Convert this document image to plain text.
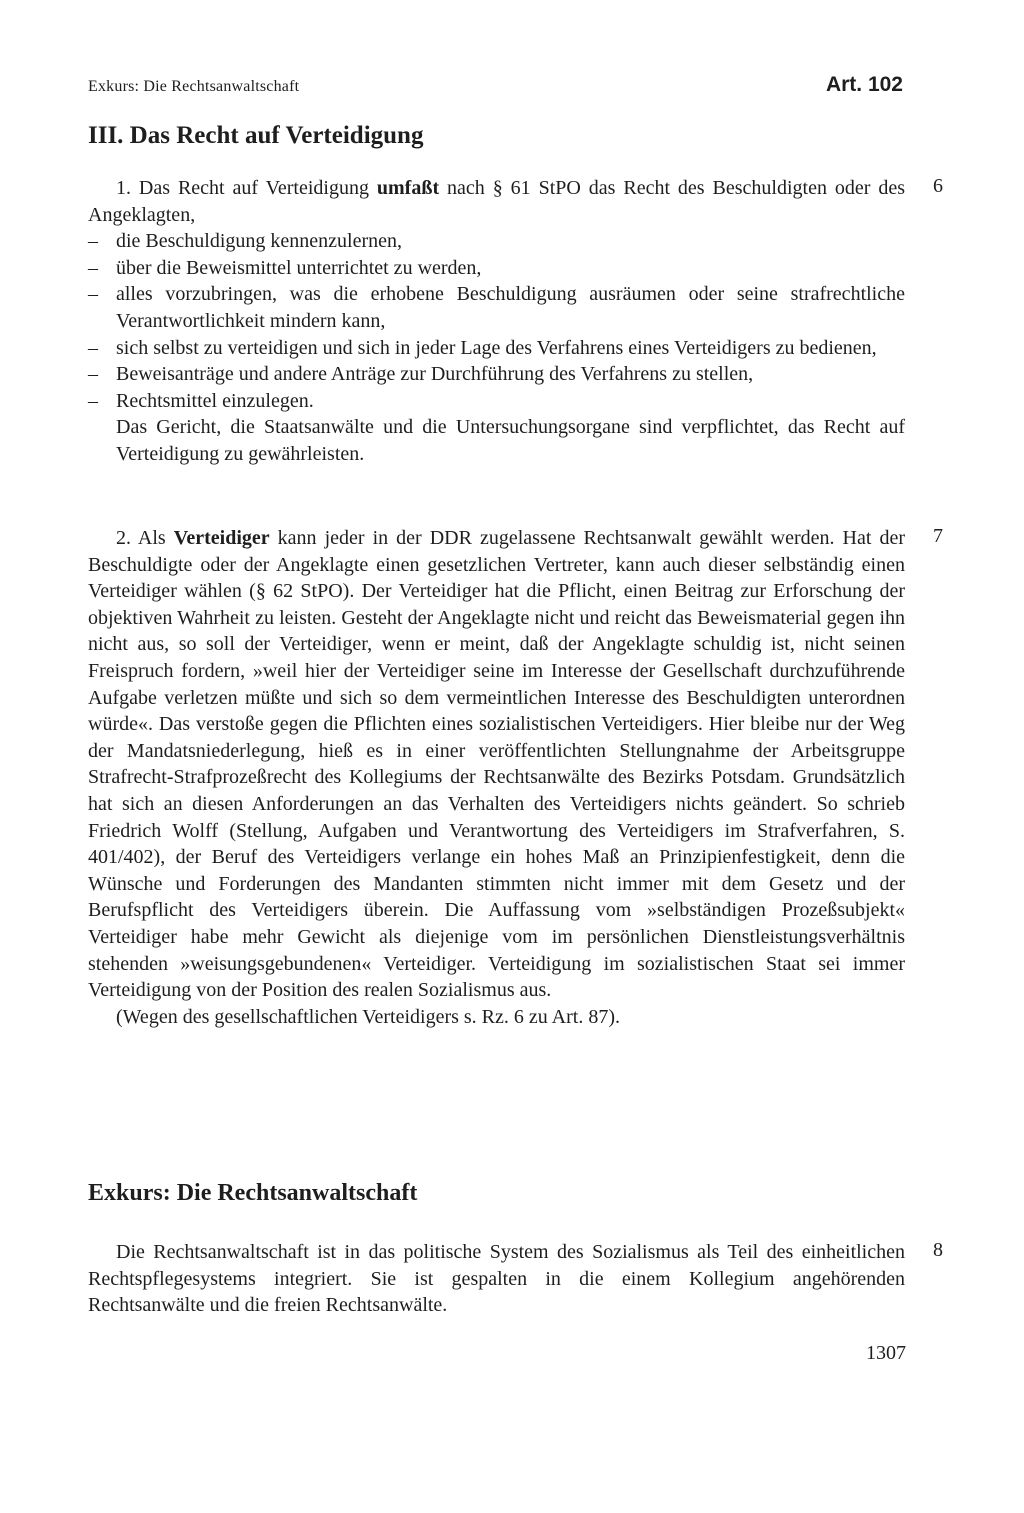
Exkurs: Die Rechtsanwaltschaft	Art. 102
III. Das Recht auf Verteidigung
6

1. Das Recht auf Verteidigung umfaßt nach § 61 StPO das Recht des Beschuldigten oder des Angeklagten,

– die Beschuldigung kennenzulernen,
– über die Beweismittel unterrichtet zu werden,
– alles vorzubringen, was die erhobene Beschuldigung ausräumen oder seine strafrechtliche Verantwortlichkeit mindern kann,
– sich selbst zu verteidigen und sich in jeder Lage des Verfahrens eines Verteidigers zu bedienen,
– Beweisanträge und andere Anträge zur Durchführung des Verfahrens zu stellen,
– Rechtsmittel einzulegen.

Das Gericht, die Staatsanwälte und die Untersuchungsorgane sind verpflichtet, das Recht auf Verteidigung zu gewährleisten.

7

2. Als Verteidiger kann jeder in der DDR zugelassene Rechtsanwalt gewählt werden. Hat der Beschuldigte oder der Angeklagte einen gesetzlichen Vertreter, kann auch dieser selbständig einen Verteidiger wählen (§ 62 StPO). Der Verteidiger hat die Pflicht, einen Beitrag zur Erforschung der objektiven Wahrheit zu leisten. Gesteht der Angeklagte nicht und reicht das Beweismaterial gegen ihn nicht aus, so soll der Verteidiger, wenn er meint, daß der Angeklagte schuldig ist, nicht seinen Freispruch fordern, »weil hier der Verteidiger seine im Interesse der Gesellschaft durchzuführende Aufgabe verletzen müßte und sich so dem vermeintlichen Interesse des Beschuldigten unterordnen würde«. Das verstoße gegen die Pflichten eines sozialistischen Verteidigers. Hier bleibe nur der Weg der Mandatsniederlegung, hieß es in einer veröffentlichten Stellungnahme der Arbeitsgruppe Strafrecht-Strafprozeßrecht des Kollegiums der Rechtsanwälte des Bezirks Potsdam. Grundsätzlich hat sich an diesen Anforderungen an das Verhalten des Verteidigers nichts geändert. So schrieb Friedrich Wolff (Stellung, Aufgaben und Verantwortung des Verteidigers im Strafverfahren, S. 401/402), der Beruf des Verteidigers verlange ein hohes Maß an Prinzipienfestigkeit, denn die Wünsche und Forderungen des Mandanten stimmten nicht immer mit dem Gesetz und der Berufspflicht des Verteidigers überein. Die Auffassung vom »selbständigen Prozeßsubjekt« Verteidiger habe mehr Gewicht als diejenige vom im persönlichen Dienstleistungsverhältnis stehenden »weisungsgebundenen« Verteidiger. Verteidigung im sozialistischen Staat sei immer Verteidigung von der Position des realen Sozialismus aus.

(Wegen des gesellschaftlichen Verteidigers s. Rz. 6 zu Art. 87).

Exkurs: Die Rechtsanwaltschaft
8

Die Rechtsanwaltschaft ist in das politische System des Sozialismus als Teil des einheitlichen Rechtspflegesystems integriert. Sie ist gespalten in die einem Kollegium angehörenden Rechtsanwälte und die freien Rechtsanwälte.

1307
